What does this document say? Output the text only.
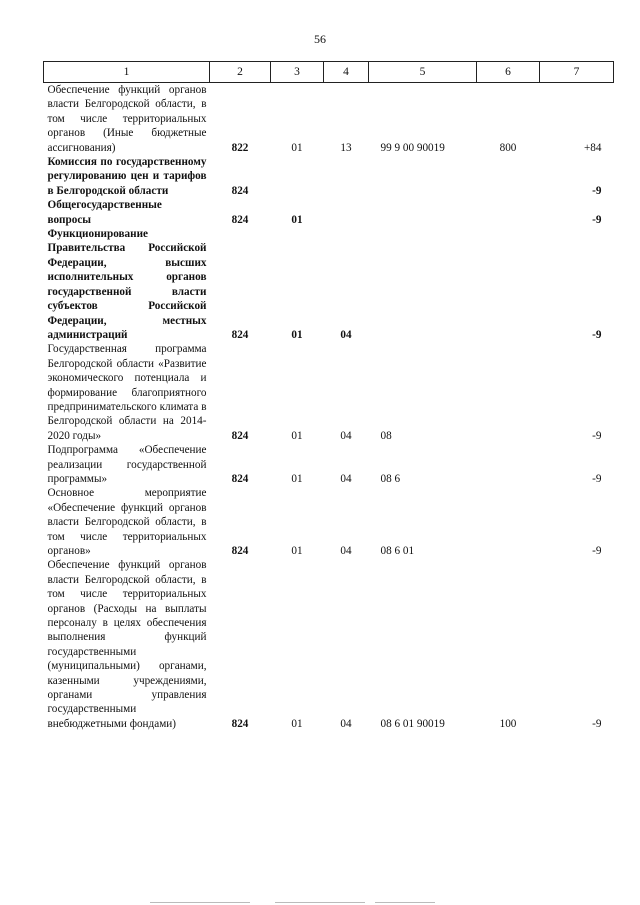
56
1	2	3	4	5	6	7
Обеспечение функций органов власти Белгородской области, в том числе территориальных органов (Иные бюджетные ассигнования)	822	01	13	99 9 00 90019	800	+84
Комиссия по государственному регулированию цен и тарифов в Белгородской области	824					-9
Общегосударственные вопросы	824	01				-9
Функционирование Правительства Российской Федерации, высших исполнительных органов государственной власти субъектов Российской Федерации, местных администраций	824	01	04			-9
Государственная программа Белгородской области «Развитие экономического потенциала и формирование благоприятного предпринимательского климата в Белгородской области на 2014-2020 годы»	824	01	04	08		-9
Подпрограмма «Обеспечение реализации государственной программы»	824	01	04	08 6		-9
Основное мероприятие «Обеспечение функций органов власти Белгородской области, в том числе территориальных органов»	824	01	04	08 6 01		-9
Обеспечение функций органов власти Белгородской области, в том числе территориальных органов (Расходы на выплаты персоналу в целях обеспечения выполнения функций государственными (муниципальными) органами, казенными учреждениями, органами управления государственными внебюджетными фондами)	824	01	04	08 6 01 90019	100	-9
